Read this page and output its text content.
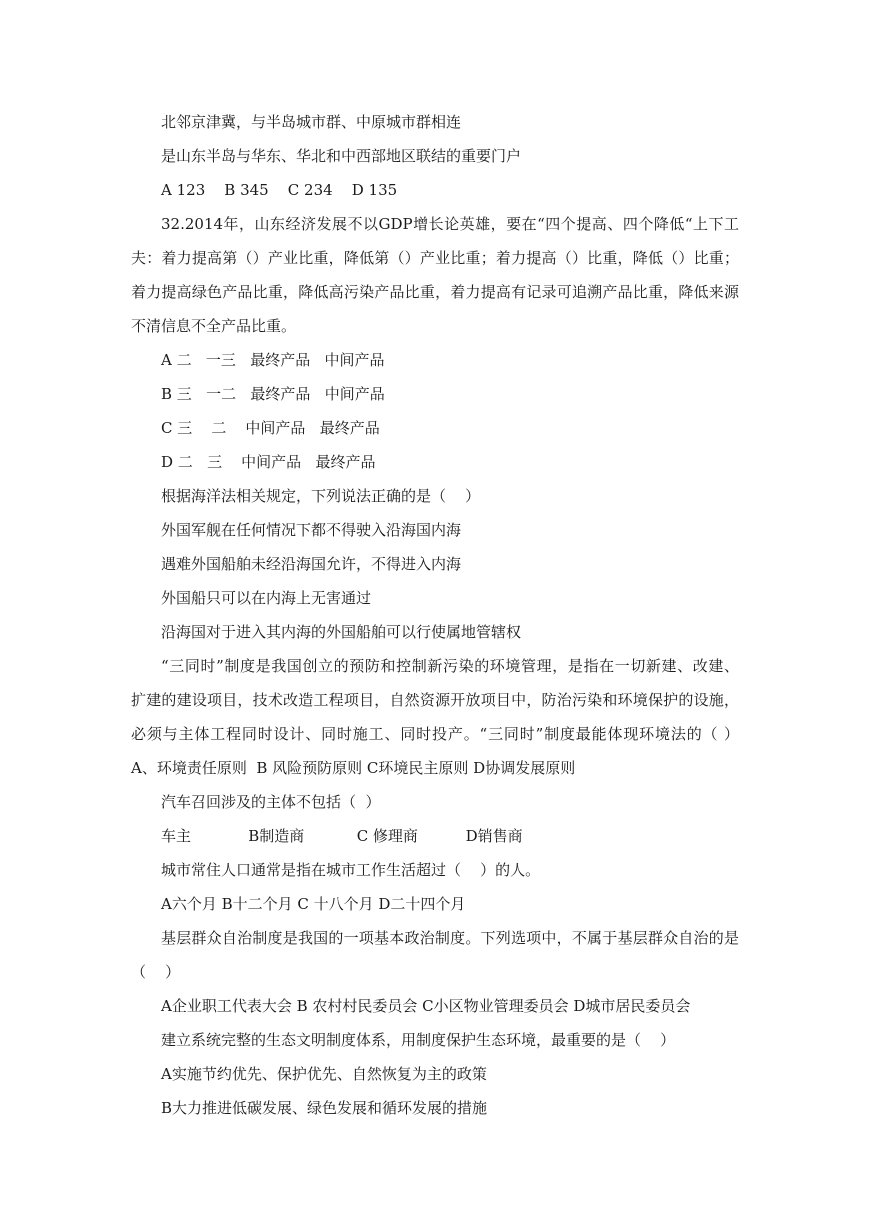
北邻京津冀，与半岛城市群、中原城市群相连
是山东半岛与华东、华北和中西部地区联结的重要门户
A 123    B 345    C 234    D 135
32.2014年，山东经济发展不以GDP增长论英雄，要在“四个提高、四个降低“上下工
夫：着力提高第（）产业比重，降低第（）产业比重；着力提高（）比重，降低（）比重；
着力提高绿色产品比重，降低高污染产品比重，着力提高有记录可追溯产品比重，降低来源
不清信息不全产品比重。
A 二   一三   最终产品   中间产品
B 三   一二   最终产品   中间产品
C 三    二    中间产品   最终产品
D 二   三    中间产品   最终产品
根据海洋法相关规定，下列说法正确的是（    ）
外国军舰在任何情况下都不得驶入沿海国内海
遇难外国船舶未经沿海国允许，不得进入内海
外国船只可以在内海上无害通过
沿海国对于进入其内海的外国船舶可以行使属地管辖权
“三同时”制度是我国创立的预防和控制新污染的环境管理，是指在一切新建、改建、
扩建的建设项目，技术改造工程项目，自然资源开放项目中，防治污染和环境保护的设施，
必须与主体工程同时设计、同时施工、同时投产。“三同时”制度最能体现环境法的（ ）
A、环境责任原则  B 风险预防原则 C环境民主原则 D协调发展原则
汽车召回涉及的主体不包括（  ）
车主            B制造商           C 修理商          D销售商
城市常住人口通常是指在城市工作生活超过（    ）的人。
A六个月 B十二个月 C 十八个月 D二十四个月
基层群众自治制度是我国的一项基本政治制度。下列选项中，不属于基层群众自治的是
（    ）
A企业职工代表大会 B 农村村民委员会 C小区物业管理委员会 D城市居民委员会
建立系统完整的生态文明制度体系，用制度保护生态环境，最重要的是（    ）
A实施节约优先、保护优先、自然恢复为主的政策
B大力推进低碳发展、绿色发展和循环发展的措施
